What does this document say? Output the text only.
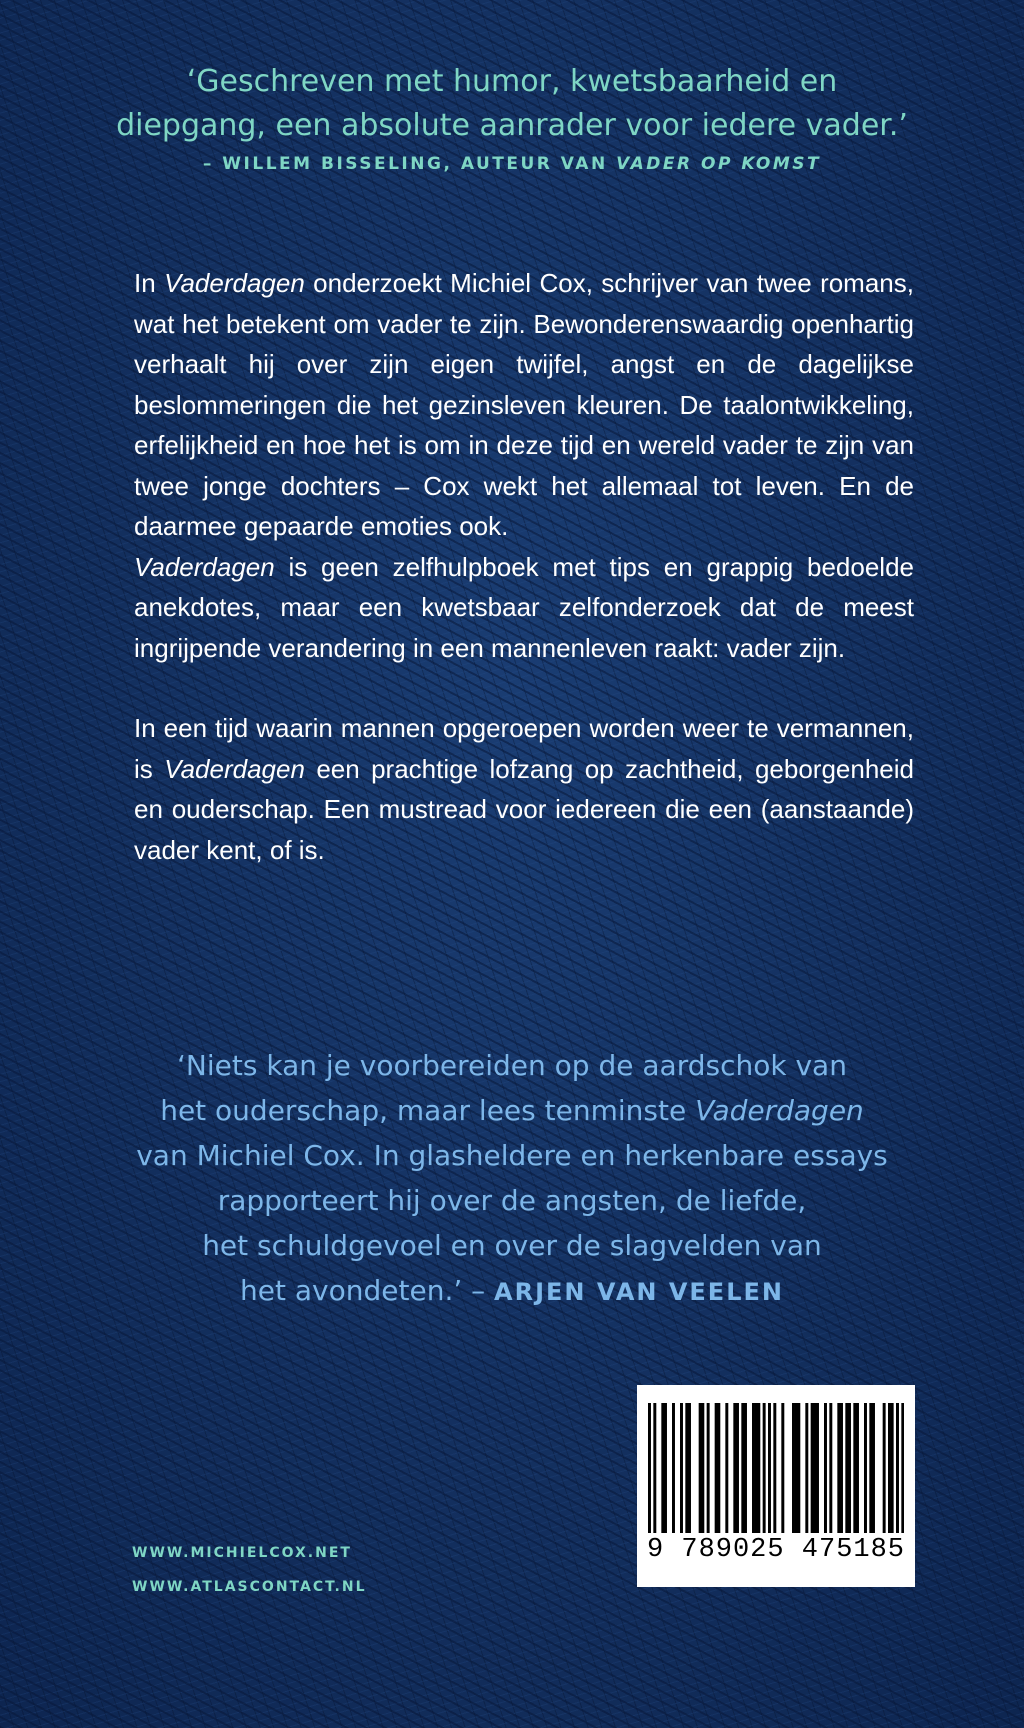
‘Geschreven met humor, kwetsbaarheid en
diepgang, een absolute aanrader voor iedere vader.’
– WILLEM BISSELING, AUTEUR VAN VADER OP KOMST

In Vaderdagen onderzoekt Michiel Cox, schrijver van twee romans, wat het betekent om vader te zijn. Bewonderenswaardig openhartig verhaalt hij over zijn eigen twijfel, angst en de dagelijkse beslommeringen die het gezinsleven kleuren. De taalontwikkeling, erfelijkheid en hoe het is om in deze tijd en wereld vader te zijn van twee jonge dochters – Cox wekt het allemaal tot leven. En de daarmee gepaarde emoties ook.

Vaderdagen is geen zelfhulpboek met tips en grappig bedoelde anekdotes, maar een kwetsbaar zelfonderzoek dat de meest ingrijpende verandering in een mannenleven raakt: vader zijn.

In een tijd waarin mannen opgeroepen worden weer te vermannen, is Vaderdagen een prachtige lofzang op zachtheid, geborgenheid en ouderschap. Een mustread voor iedereen die een (aanstaande) vader kent, of is.

‘Niets kan je voorbereiden op de aardschok van
het ouderschap, maar lees tenminste Vaderdagen
van Michiel Cox. In glasheldere en herkenbare essays
rapporteert hij over de angsten, de liefde,
het schuldgevoel en over de slagvelden van
het avondeten.’ – ARJEN VAN VEELEN
WWW.MICHIELCOX.NET
WWW.ATLASCONTACT.NL
9 789025 475185
